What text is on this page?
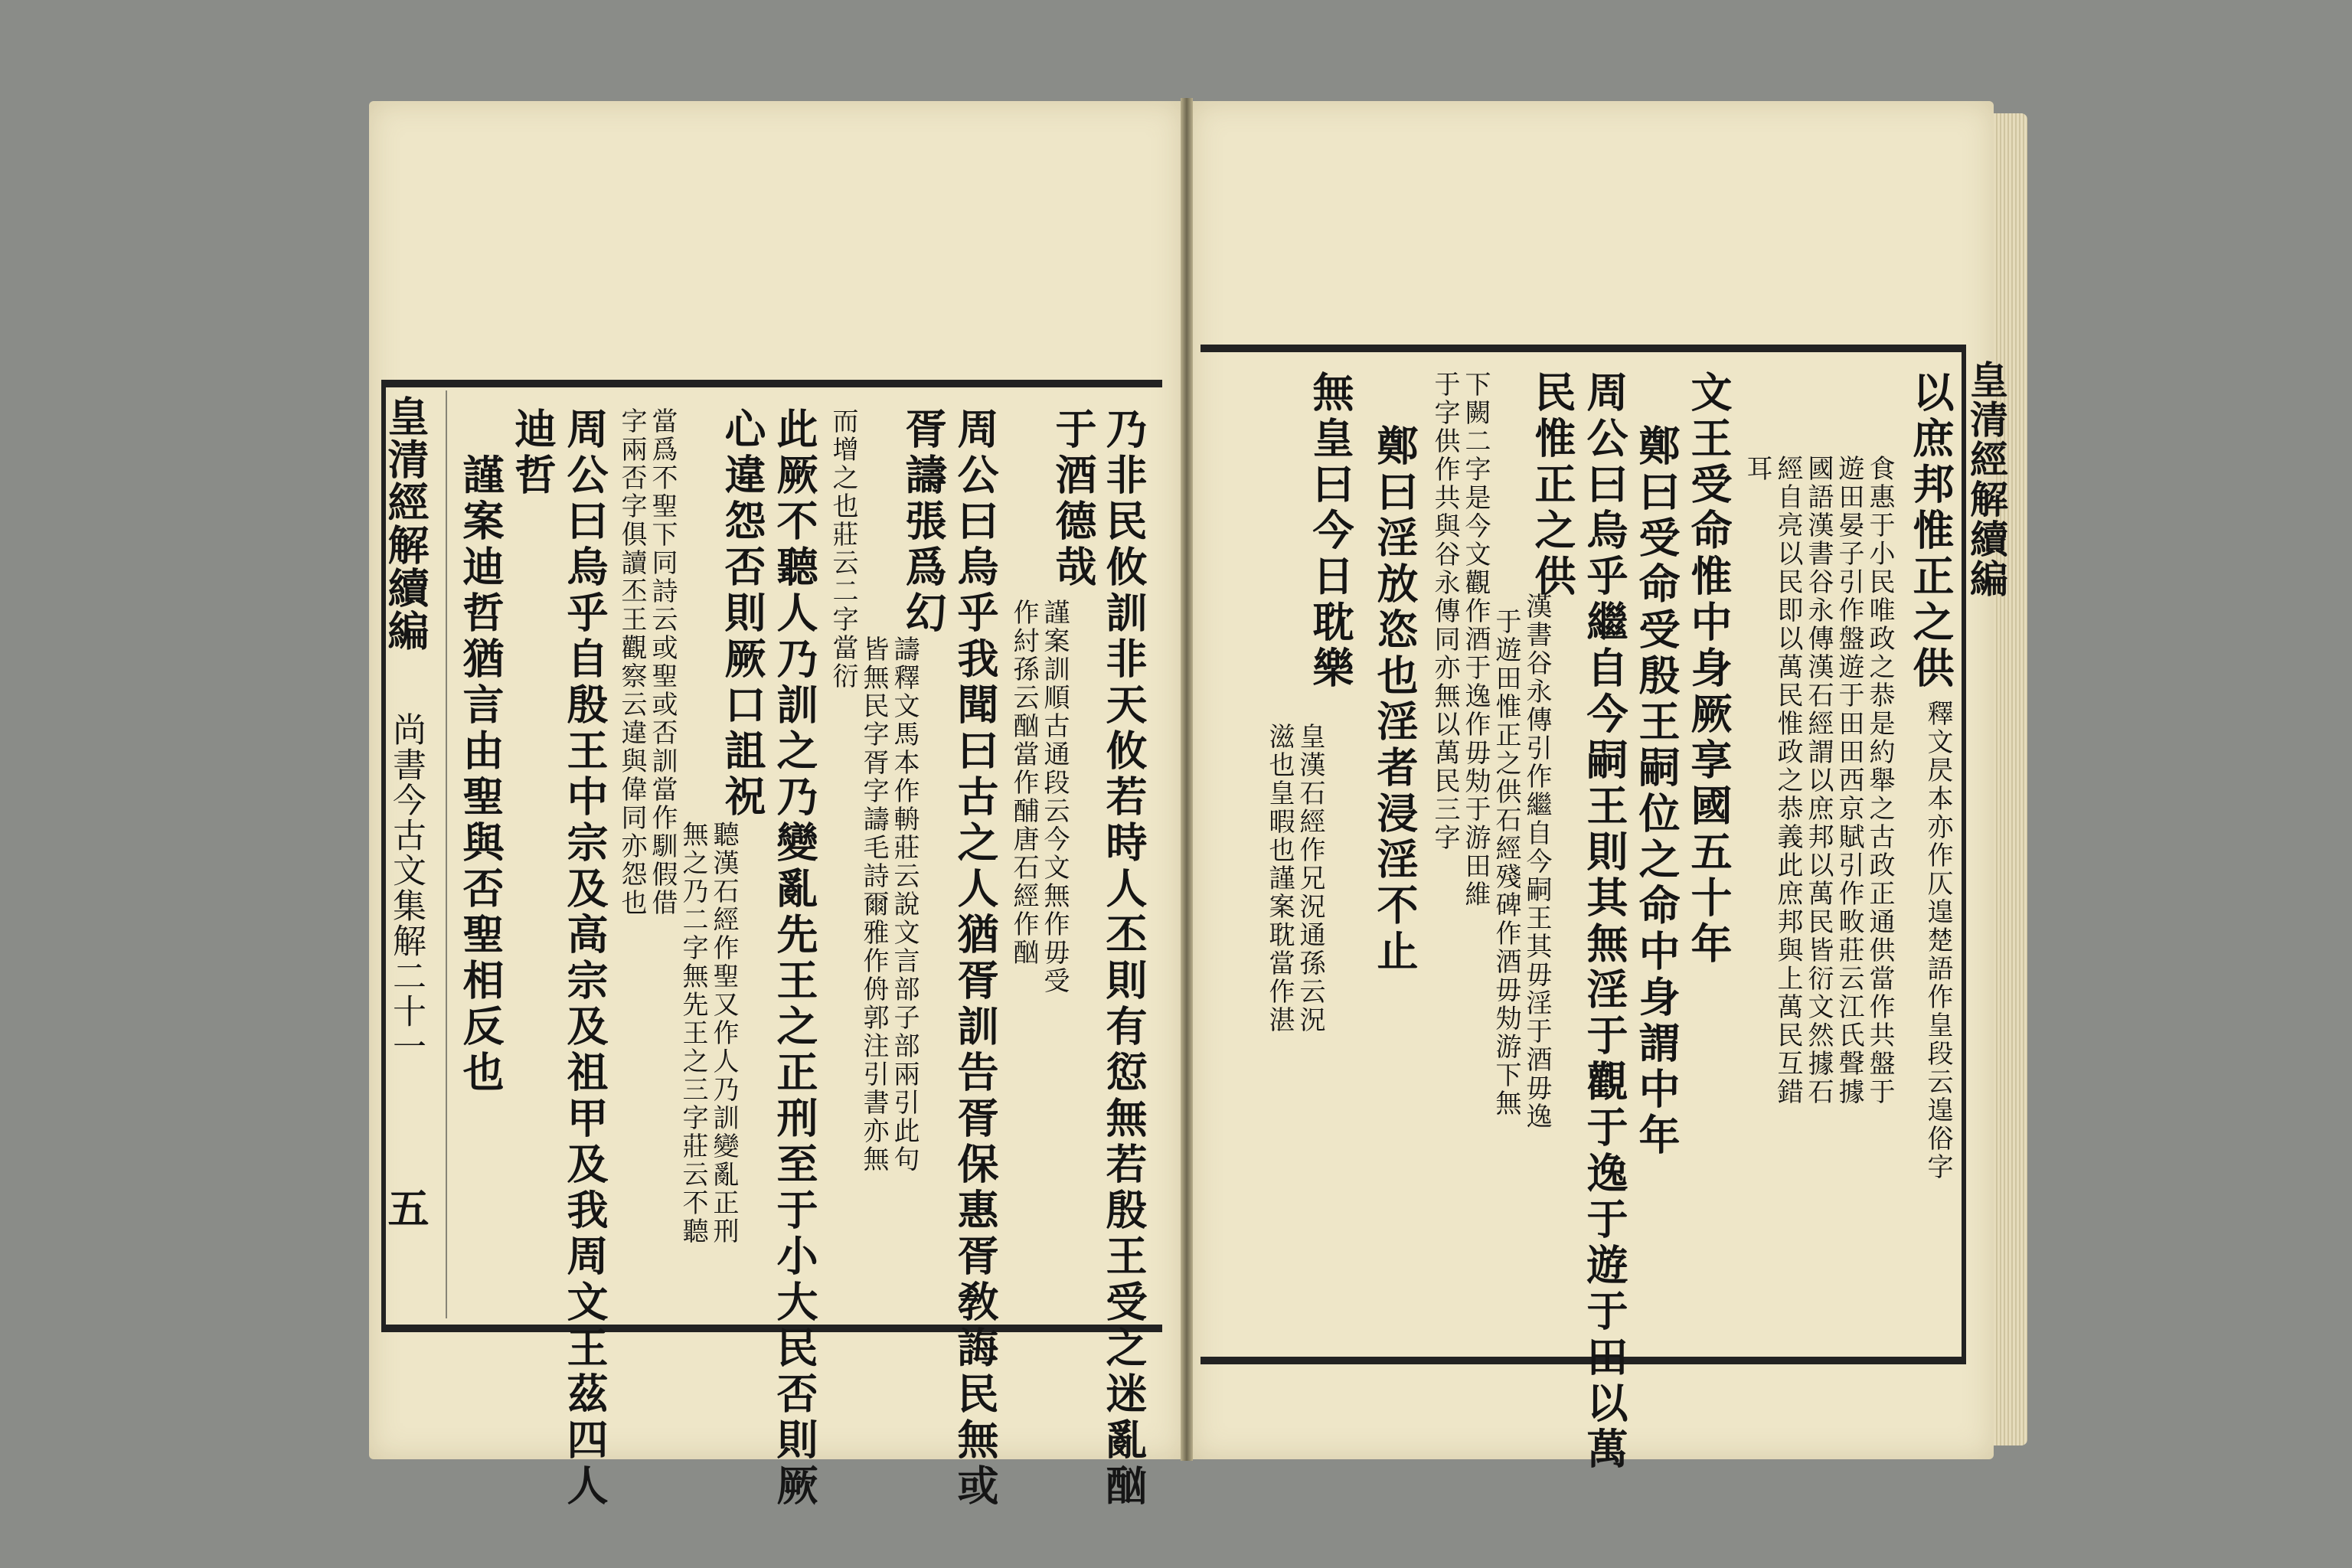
皇清經解續編
尚書今古文集解二十一
五	乃非民攸訓非天攸若時人丕則有愆無若殷王受之迷亂酗
于酒德哉
謹案訓順古通段云今文無作毋受
作紂孫云酗當作酺唐石經作酗
周公曰烏乎我聞曰古之人猶胥訓告胥保惠胥敎誨民無或
胥譸張爲幻
譸釋文馬本作輈莊云說文言部子部兩引此句
皆無民字胥字譸毛詩爾雅作侜郭注引書亦無
而增之也莊云二字當衍
此厥不聽人乃訓之乃變亂先王之正刑至于小大民否則厥
心違怨否則厥口詛祝
聽漢石經作聖又作人乃訓變亂正刑
無之乃二字無先王之三字莊云不聽
當爲不聖下同詩云或聖或否訓當作馴假借
字兩否字俱讀丕王觀察云違與偉同亦怨也
周公曰烏乎自殷王中宗及高宗及祖甲及我周文王茲四人
迪哲
謹案迪哲猶言由聖與否聖相反也	皇清經解續編
以庶邦惟正之供
釋文昃本亦作仄遑楚語作皇段云遑俗字
食惠于小民唯政之恭是約舉之古政正通供當作共盤于
遊田晏子引作盤遊于田田西京賦引作畋莊云江氏聲據
國語漢書谷永傳漢石經謂以庶邦以萬民皆衍文然據石
經自亮以民即以萬民惟政之恭義此庶邦與上萬民互錯
耳
文王受命惟中身厥享國五十年
鄭曰受命受殷王嗣位之命中身謂中年
周公曰烏乎繼自今嗣王則其無淫于觀于逸于遊于田以萬
民惟正之供
漢書谷永傳引作繼自今嗣王其毋淫于酒毋逸
于遊田惟正之供石經殘碑作酒毋劮游下無
下闕二字是今文觀作酒于逸作毋劮于游田維
于字供作共與谷永傳同亦無以萬民三字
鄭曰淫放恣也淫者浸淫不止
無皇曰今日耽樂
皇漢石經作兄況通孫云況
滋也皇暇也謹案耽當作湛
